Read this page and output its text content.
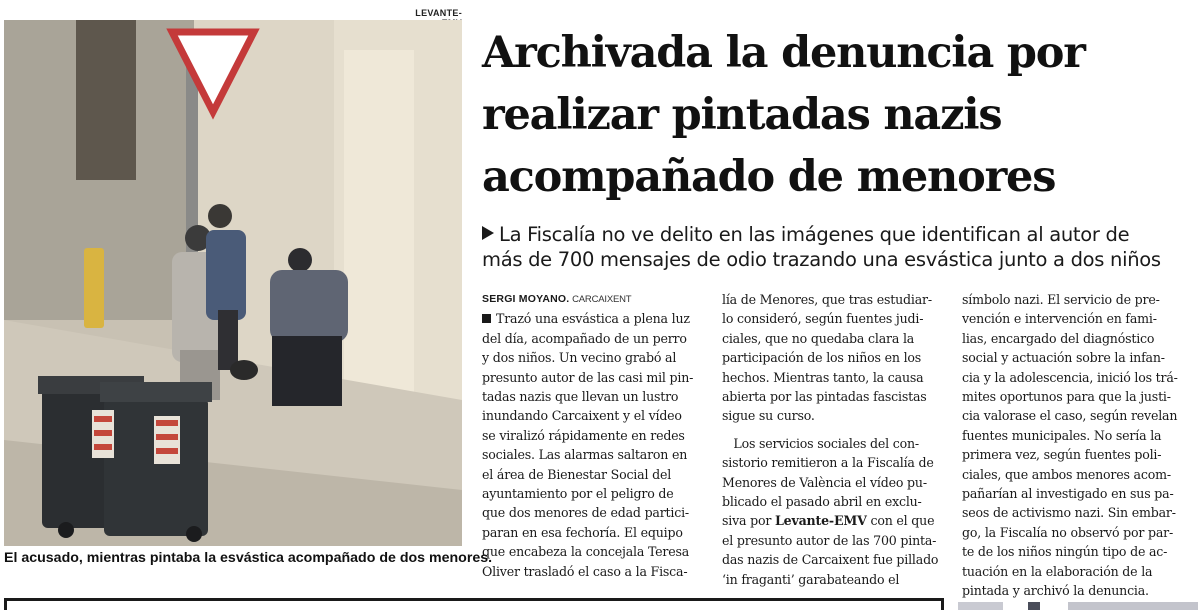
LEVANTE-
El acusado, mientras pintaba la esvástica acompañado de dos menores.
Archivada la denuncia por
realizar pintadas nazis
acompañado de menores
La Fiscalía no ve delito en las imágenes que identifican al autor de
más de 700 mensajes de odio trazando una esvástica junto a dos niños
SERGI MOYANO. CARCAIXENT
Trazó una esvástica a plena luz
del día, acompañado de un perro
y dos niños. Un vecino grabó al
presunto autor de las casi mil pin-
tadas nazis que llevan un lustro
inundando Carcaixent y el vídeo
se viralizó rápidamente en redes
sociales. Las alarmas saltaron en
el área de Bienestar Social del
ayuntamiento por el peligro de
que dos menores de edad partici-
paran en esa fechoría. El equipo
que encabeza la concejala Teresa
Oliver trasladó el caso a la Fisca-
lía de Menores, que tras estudiar-
lo consideró, según fuentes judi-
ciales, que no quedaba clara la
participación de los niños en los
hechos. Mientras tanto, la causa
abierta por las pintadas fascistas
sigue su curso.
Los servicios sociales del con-
sistorio remitieron a la Fiscalía de
Menores de València el vídeo pu-
blicado el pasado abril en exclu-
siva por Levante-EMV con el que
el presunto autor de las 700 pinta-
das nazis de Carcaixent fue pillado
‘in fraganti’ garabateando el
símbolo nazi. El servicio de pre-
vención e intervención en fami-
lias, encargado del diagnóstico
social y actuación sobre la infan-
cia y la adolescencia, inició los trá-
mites oportunos para que la justi-
cia valorase el caso, según revelan
fuentes municipales. No sería la
primera vez, según fuentes poli-
ciales, que ambos menores acom-
pañarían al investigado en sus pa-
seos de activismo nazi. Sin embar-
go, la Fiscalía no observó por par-
te de los niños ningún tipo de ac-
tuación en la elaboración de la
pintada y archivó la denuncia.
